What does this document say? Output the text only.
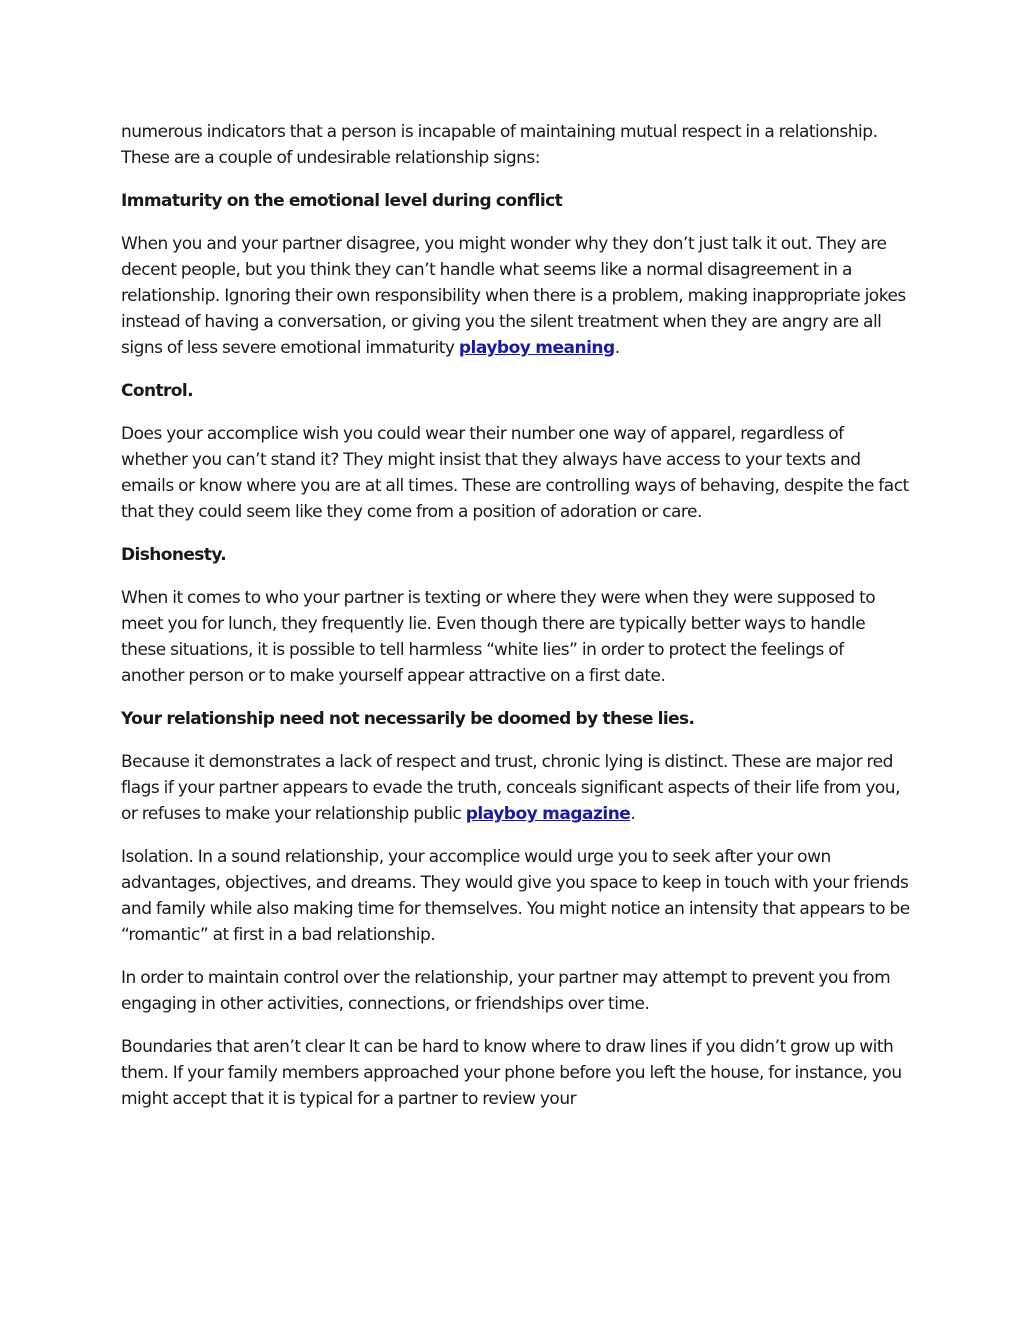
numerous indicators that a person is incapable of maintaining mutual respect in a relationship. These are a couple of undesirable relationship signs:

Immaturity on the emotional level during conflict

When you and your partner disagree, you might wonder why they don’t just talk it out. They are decent people, but you think they can’t handle what seems like a normal disagreement in a relationship. Ignoring their own responsibility when there is a problem, making inappropriate jokes instead of having a conversation, or giving you the silent treatment when they are angry are all signs of less severe emotional immaturity playboy meaning.

Control.

Does your accomplice wish you could wear their number one way of apparel, regardless of whether you can’t stand it? They might insist that they always have access to your texts and emails or know where you are at all times. These are controlling ways of behaving, despite the fact that they could seem like they come from a position of adoration or care.

Dishonesty.

When it comes to who your partner is texting or where they were when they were supposed to meet you for lunch, they frequently lie. Even though there are typically better ways to handle these situations, it is possible to tell harmless “white lies” in order to protect the feelings of another person or to make yourself appear attractive on a first date.

Your relationship need not necessarily be doomed by these lies.

Because it demonstrates a lack of respect and trust, chronic lying is distinct. These are major red flags if your partner appears to evade the truth, conceals significant aspects of their life from you, or refuses to make your relationship public playboy magazine.

Isolation. In a sound relationship, your accomplice would urge you to seek after your own advantages, objectives, and dreams. They would give you space to keep in touch with your friends and family while also making time for themselves. You might notice an intensity that appears to be “romantic” at first in a bad relationship.

In order to maintain control over the relationship, your partner may attempt to prevent you from engaging in other activities, connections, or friendships over time.

Boundaries that aren’t clear It can be hard to know where to draw lines if you didn’t grow up with them. If your family members approached your phone before you left the house, for instance, you might accept that it is typical for a partner to review your
